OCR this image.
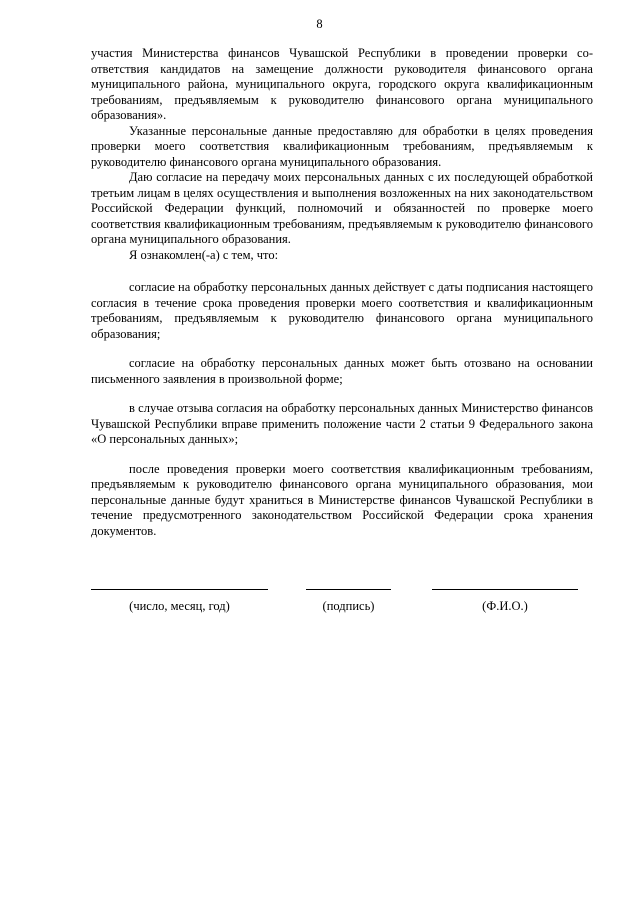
8

участия Министерства финансов Чувашской Республики в проведении проверки соответствия кандидатов на замещение должности руководителя финансового органа муниципального района, муниципального округа, городского округа квалификационным требованиям, предъявляемым к руководителю финансового органа муниципального образования».

Указанные персональные данные предоставляю для обработки в целях проведения проверки моего соответствия квалификационным требованиям, предъявляемым к руководителю финансового органа муниципального образования.

Даю согласие на передачу моих персональных данных с их последующей обработкой третьим лицам в целях осуществления и выполнения возложенных на них законодательством Российской Федерации функций, полномочий и обязанностей по проверке моего соответствия квалификационным требованиям, предъявляемым к руководителю финансового органа муниципального образования.

Я ознакомлен(-а) с тем, что:

согласие на обработку персональных данных действует с даты подписания настоящего согласия в течение срока проведения проверки моего соответствия и квалификационным требованиям, предъявляемым к руководителю финансового органа муниципального образования;

согласие на обработку персональных данных может быть отозвано на основании письменного заявления в произвольной форме;

в случае отзыва согласия на обработку персональных данных Министерство финансов Чувашской Республики вправе применить положение части 2 статьи 9 Федерального закона «О персональных данных»;

после проведения проверки моего соответствия квалификационным требованиям, предъявляемым к руководителю финансового органа муниципального образования, мои персональные данные будут храниться в Министерстве финансов Чувашской Республики в течение предусмотренного законодательством Российской Федерации срока хранения документов.

(число, месяц, год)	(подпись)	(Ф.И.О.)
